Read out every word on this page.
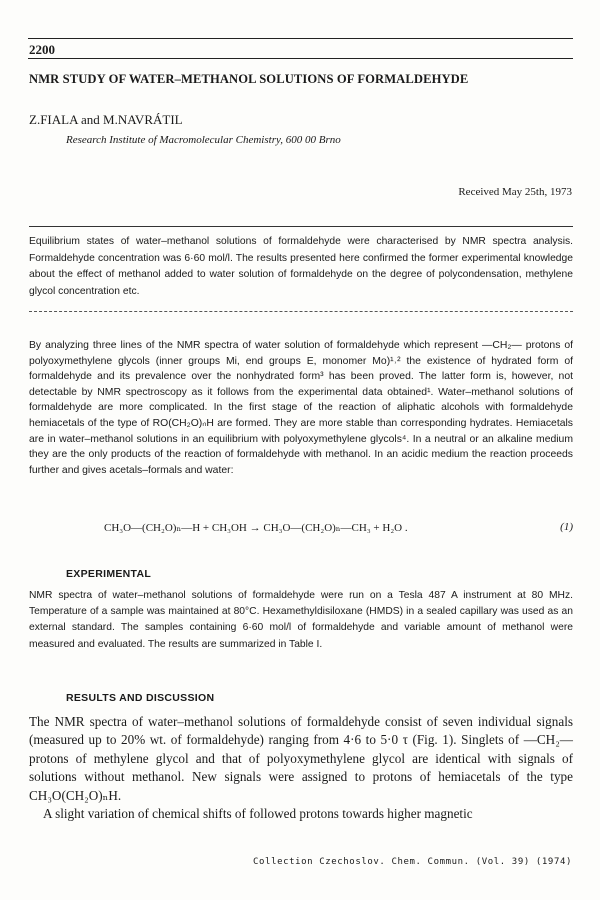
2200
NMR STUDY OF WATER–METHANOL SOLUTIONS OF FORMALDEHYDE
Z.FIALA and M.NAVRÁTIL
Research Institute of Macromolecular Chemistry, 600 00 Brno
Received May 25th, 1973

Equilibrium states of water–methanol solutions of formaldehyde were characterised by NMR spectra analysis. Formaldehyde concentration was 6·60 mol/l. The results presented here confirmed the former experimental knowledge about the effect of methanol added to water solution of formaldehyde on the degree of polycondensation, methylene glycol concentration etc.

By analyzing three lines of the NMR spectra of water solution of formaldehyde which represent —CH₂— protons of polyoxymethylene glycols (inner groups Mi, end groups E, monomer Mo)¹˒² the existence of hydrated form of formaldehyde and its prevalence over the nonhydrated form³ has been proved. The latter form is, however, not detectable by NMR spectroscopy as it follows from the experimental data obtained¹. Water–methanol solutions of formaldehyde are more complicated. In the first stage of the reaction of aliphatic alcohols with formaldehyde hemiacetals of the type of RO(CH₂O)ₙH are formed. They are more stable than corresponding hydrates. Hemiacetals are in water–methanol solutions in an equilibrium with polyoxymethylene glycols⁴. In a neutral or an alkaline medium they are the only products of the reaction of formaldehyde with methanol. In an acidic medium the reaction proceeds further and gives acetals–formals and water:

CH₃O—(CH₂O)ₙ—H + CH₃OH → CH₃O—(CH₂O)ₙ—CH₃ + H₂O .	(1)
EXPERIMENTAL

NMR spectra of water–methanol solutions of formaldehyde were run on a Tesla 487 A instrument at 80 MHz. Temperature of a sample was maintained at 80°C. Hexamethyldisiloxane (HMDS) in a sealed capillary was used as an external standard. The samples containing 6·60 mol/l of formaldehyde and variable amount of methanol were measured and evaluated. The results are summarized in Table I.

RESULTS AND DISCUSSION

The NMR spectra of water–methanol solutions of formaldehyde consist of seven individual signals (measured up to 20% wt. of formaldehyde) ranging from 4·6 to 5·0 τ (Fig. 1). Singlets of —CH₂— protons of methylene glycol and that of polyoxymethylene glycol are identical with signals of solutions without methanol. New signals were assigned to protons of hemiacetals of the type CH₃O(CH₂O)ₙH.

A slight variation of chemical shifts of followed protons towards higher magnetic

Collection Czechoslov. Chem. Commun. (Vol. 39) (1974)
